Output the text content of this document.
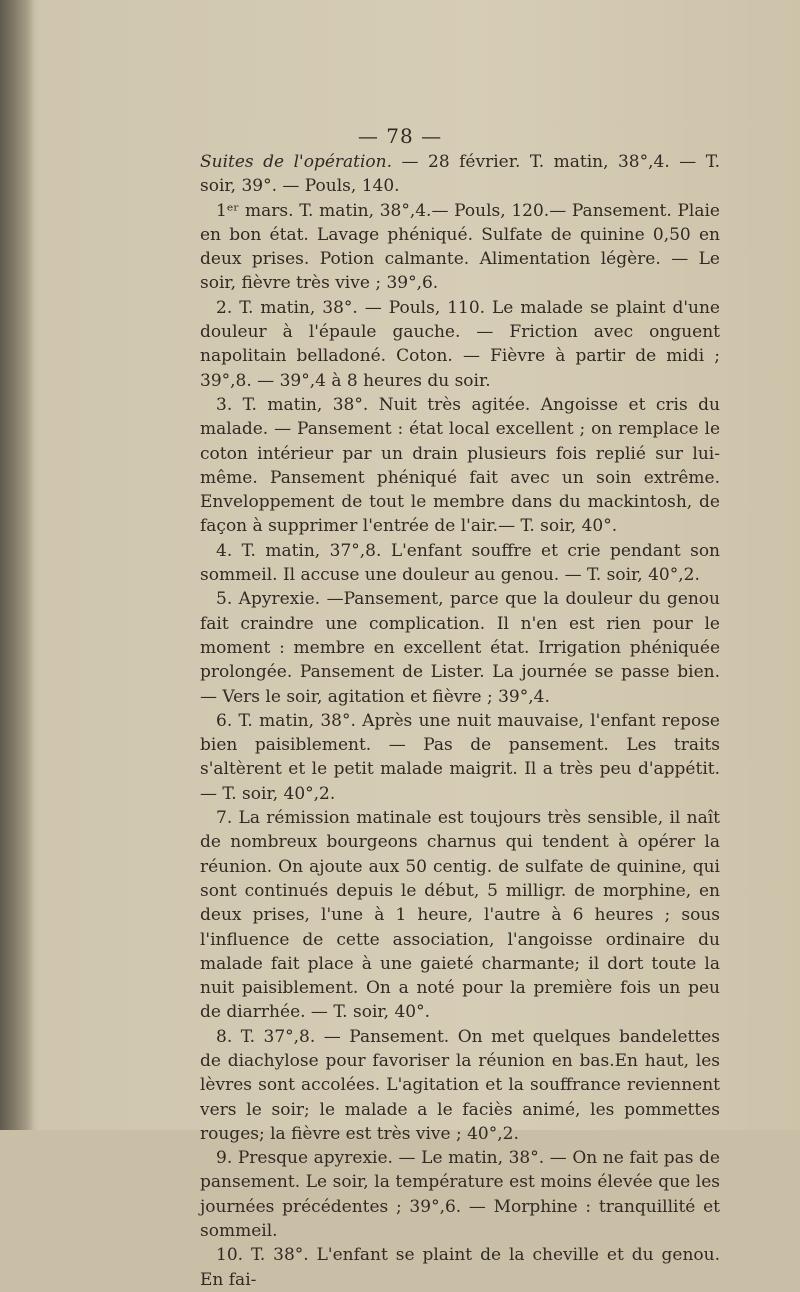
— 78 —

Suites de l'opération. — 28 février. T. matin, 38°,4. — T. soir, 39°. — Pouls, 140.

1ᵉʳ mars. T. matin, 38°,4.— Pouls, 120.— Pansement. Plaie en bon état. Lavage phéniqué. Sulfate de quinine 0,50 en deux prises. Potion calmante. Alimentation légère. — Le soir, fièvre très vive ; 39°,6.

2. T. matin, 38°. — Pouls, 110. Le malade se plaint d'une douleur à l'épaule gauche. — Friction avec onguent napolitain belladoné. Coton. — Fièvre à partir de midi ; 39°,8. — 39°,4 à 8 heures du soir.

3. T. matin, 38°. Nuit très agitée. Angoisse et cris du malade. — Pansement : état local excellent ; on remplace le coton intérieur par un drain plusieurs fois replié sur lui-même. Pansement phéniqué fait avec un soin extrême. Enveloppement de tout le membre dans du mackintosh, de façon à supprimer l'entrée de l'air.— T. soir, 40°.

4. T. matin, 37°,8. L'enfant souffre et crie pendant son sommeil. Il accuse une douleur au genou. — T. soir, 40°,2.

5. Apyrexie. —Pansement, parce que la douleur du genou fait craindre une complication. Il n'en est rien pour le moment : membre en excellent état. Irrigation phéniquée prolongée. Pansement de Lister. La journée se passe bien. — Vers le soir, agitation et fièvre ; 39°,4.

6. T. matin, 38°. Après une nuit mauvaise, l'enfant repose bien paisiblement. — Pas de pansement. Les traits s'altèrent et le petit malade maigrit. Il a très peu d'appétit. — T. soir, 40°,2.

7. La rémission matinale est toujours très sensible, il naît de nombreux bourgeons charnus qui tendent à opérer la réunion. On ajoute aux 50 centig. de sulfate de quinine, qui sont continués depuis le début, 5 milligr. de morphine, en deux prises, l'une à 1 heure, l'autre à 6 heures ; sous l'influence de cette association, l'angoisse ordinaire du malade fait place à une gaieté charmante; il dort toute la nuit paisiblement. On a noté pour la première fois un peu de diarrhée. — T. soir, 40°.

8. T. 37°,8. — Pansement. On met quelques bandelettes de diachylose pour favoriser la réunion en bas.En haut, les lèvres sont accolées. L'agitation et la souffrance reviennent vers le soir; le malade a le faciès animé, les pommettes rouges; la fièvre est très vive ; 40°,2.

9. Presque apyrexie. — Le matin, 38°. — On ne fait pas de pansement. Le soir, la température est moins élevée que les journées précédentes ; 39°,6. — Morphine : tranquillité et sommeil.

10. T. 38°. L'enfant se plaint de la cheville et du genou. En fai-
